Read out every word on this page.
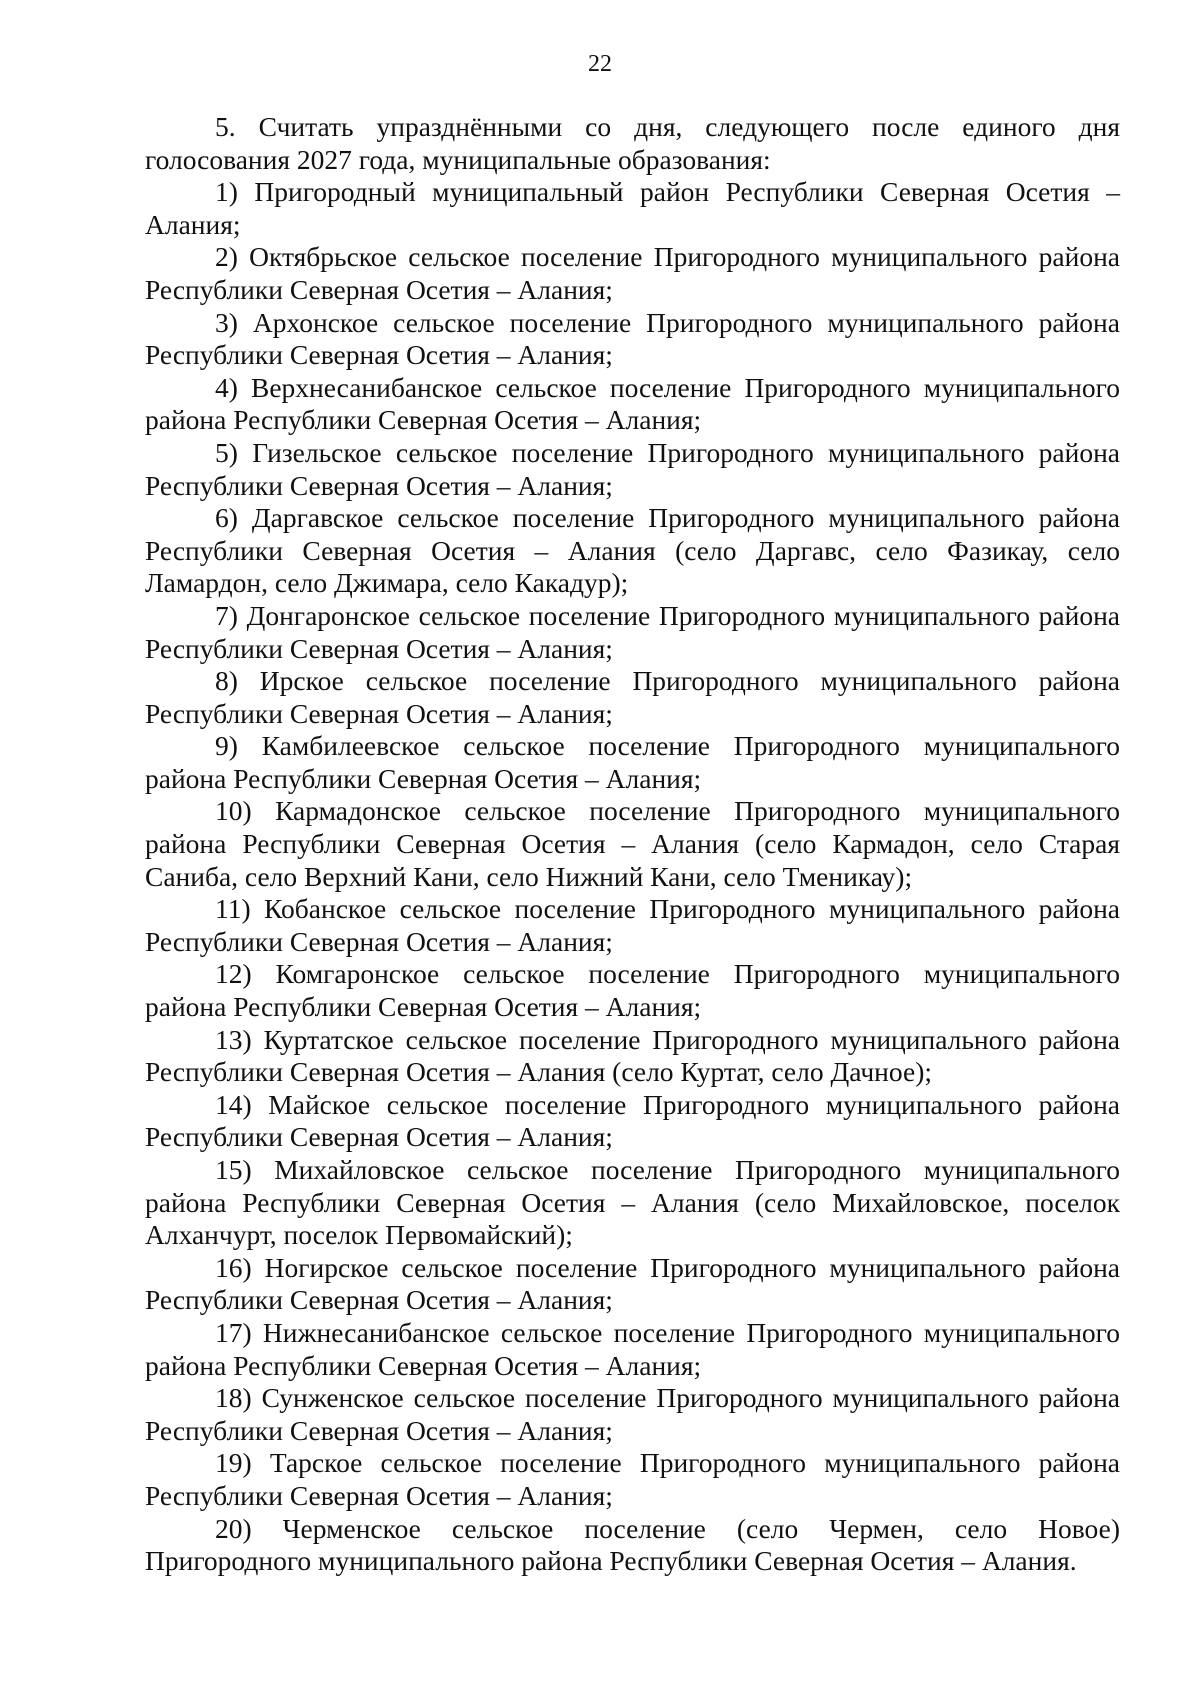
22

5. Считать упразднёнными со дня, следующего после единого дня голосования 2027 года, муниципальные образования:

1) Пригородный муниципальный район Республики Северная Осетия – Алания;

2) Октябрьское сельское поселение Пригородного муниципального района Республики Северная Осетия – Алания;

3) Архонское сельское поселение Пригородного муниципального района Республики Северная Осетия – Алания;

4) Верхнесанибанское сельское поселение Пригородного муниципального района Республики Северная Осетия – Алания;

5) Гизельское сельское поселение Пригородного муниципального района Республики Северная Осетия – Алания;

6) Даргавское сельское поселение Пригородного муниципального района Республики Северная Осетия – Алания (село Даргавс, село Фазикау, село Ламардон, село Джимара, село Какадур);

7) Донгаронское сельское поселение Пригородного муниципального района Республики Северная Осетия – Алания;

8) Ирское сельское поселение Пригородного муниципального района Республики Северная Осетия – Алания;

9) Камбилеевское сельское поселение Пригородного муниципального района Республики Северная Осетия – Алания;

10) Кармадонское сельское поселение Пригородного муниципального района Республики Северная Осетия – Алания (село Кармадон, село Старая Саниба, село Верхний Кани, село Нижний Кани, село Тменикау);

11) Кобанское сельское поселение Пригородного муниципального района Республики Северная Осетия – Алания;

12) Комгаронское сельское поселение Пригородного муниципального района Республики Северная Осетия – Алания;

13) Куртатское сельское поселение Пригородного муниципального района Республики Северная Осетия – Алания (село Куртат, село Дачное);

14) Майское сельское поселение Пригородного муниципального района Республики Северная Осетия – Алания;

15) Михайловское сельское поселение Пригородного муниципального района Республики Северная Осетия – Алания (село Михайловское, поселок Алханчурт, поселок Первомайский);

16) Ногирское сельское поселение Пригородного муниципального района Республики Северная Осетия – Алания;

17) Нижнесанибанское сельское поселение Пригородного муниципального района Республики Северная Осетия – Алания;

18) Сунженское сельское поселение Пригородного муниципального района Республики Северная Осетия – Алания;

19) Тарское сельское поселение Пригородного муниципального района Республики Северная Осетия – Алания;

20) Черменское сельское поселение (село Чермен, село Новое) Пригородного муниципального района Республики Северная Осетия – Алания.
